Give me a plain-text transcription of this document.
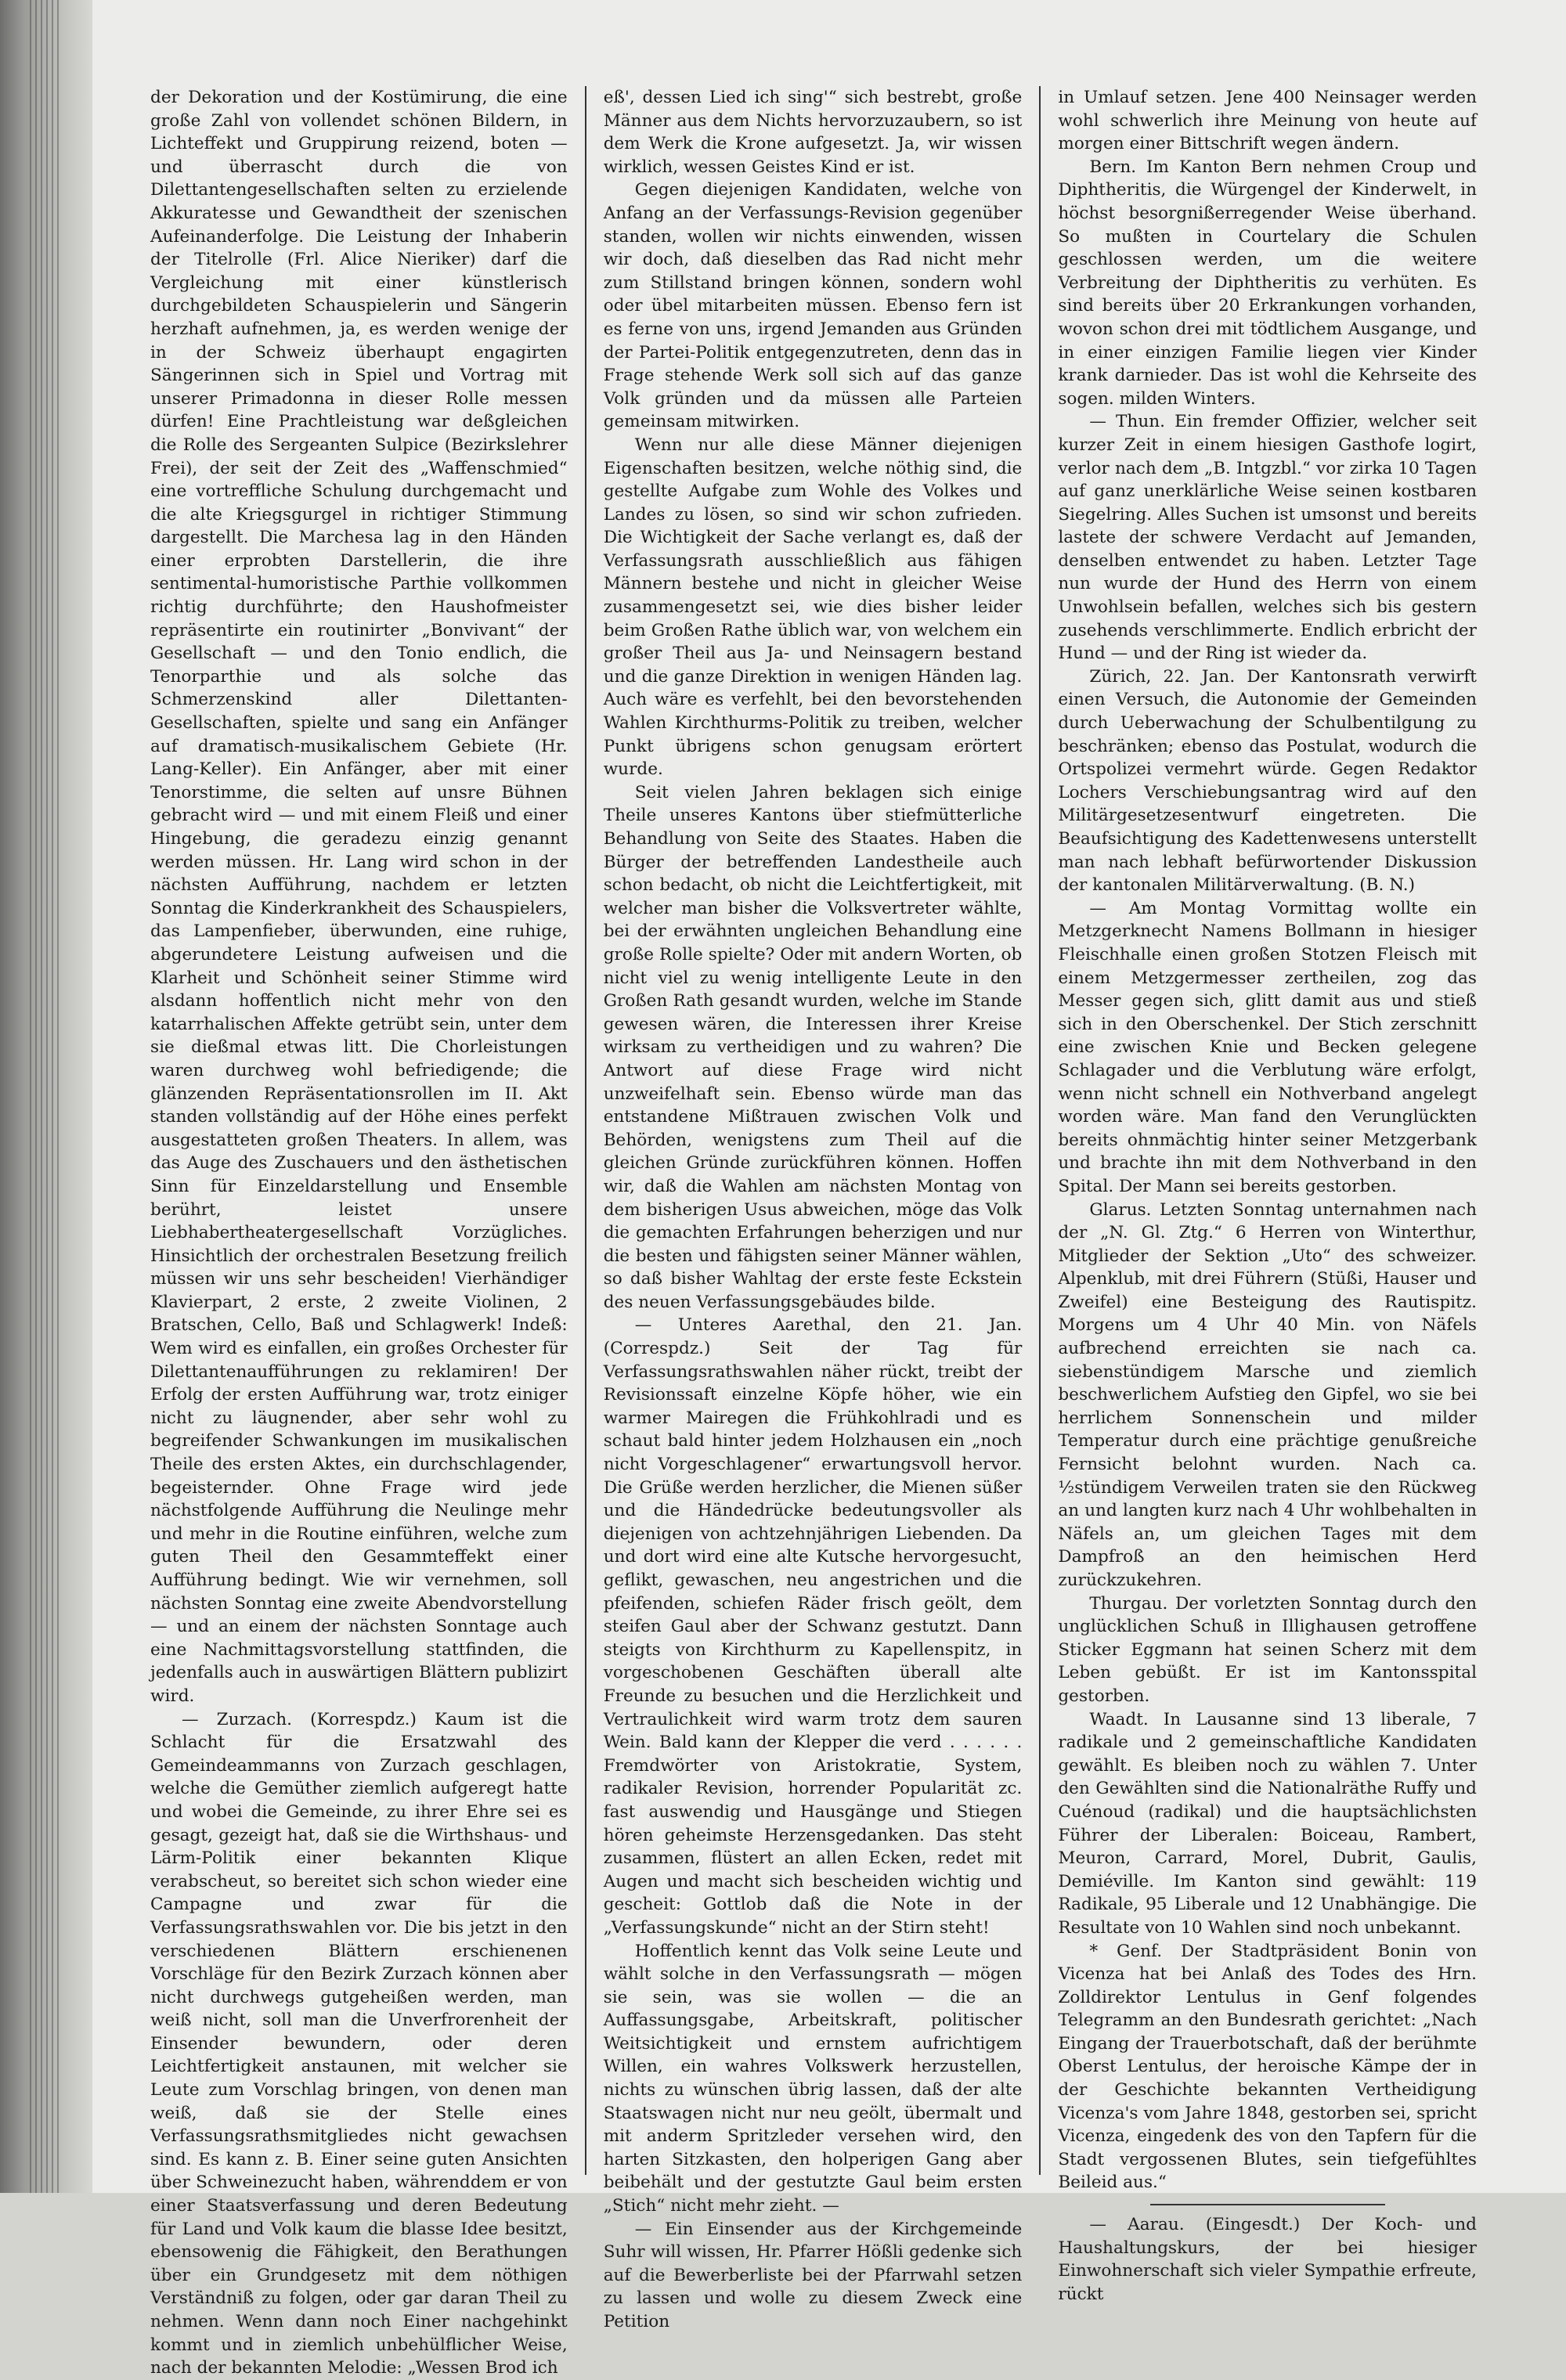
der Dekoration und der Kostümirung, die eine große Zahl von vollendet schönen Bildern, in Lichteffekt und Gruppirung reizend, boten — und überrascht durch die von Dilettantengesellschaften selten zu erzielende Akkuratesse und Gewandtheit der szenischen Aufeinanderfolge. Die Leistung der Inhaberin der Titelrolle (Frl. Alice Nieriker) darf die Vergleichung mit einer künstlerisch durchgebildeten Schauspielerin und Sängerin herzhaft aufnehmen, ja, es werden wenige der in der Schweiz überhaupt engagirten Sängerinnen sich in Spiel und Vortrag mit unserer Primadonna in dieser Rolle messen dürfen! Eine Prachtleistung war deßgleichen die Rolle des Sergeanten Sulpice (Bezirkslehrer Frei), der seit der Zeit des „Waffenschmied“ eine vortreffliche Schulung durchgemacht und die alte Kriegsgurgel in richtiger Stimmung dargestellt. Die Marchesa lag in den Händen einer erprobten Darstellerin, die ihre sentimental-humoristische Parthie vollkommen richtig durchführte; den Haushofmeister repräsentirte ein routinirter „Bonvivant“ der Gesellschaft — und den Tonio endlich, die Tenorparthie und als solche das Schmerzenskind aller Dilettanten-Gesellschaften, spielte und sang ein Anfänger auf dramatisch-musikalischem Gebiete (Hr. Lang-Keller). Ein Anfänger, aber mit einer Tenorstimme, die selten auf unsre Bühnen gebracht wird — und mit einem Fleiß und einer Hingebung, die geradezu einzig genannt werden müssen. Hr. Lang wird schon in der nächsten Aufführung, nachdem er letzten Sonntag die Kinderkrankheit des Schauspielers, das Lampenfieber, überwunden, eine ruhige, abgerundetere Leistung aufweisen und die Klarheit und Schönheit seiner Stimme wird alsdann hoffentlich nicht mehr von den katarrhalischen Affekte getrübt sein, unter dem sie dießmal etwas litt. Die Chorleistungen waren durchweg wohl befriedigende; die glänzenden Repräsentationsrollen im II. Akt standen vollständig auf der Höhe eines perfekt ausgestatteten großen Theaters. In allem, was das Auge des Zuschauers und den ästhetischen Sinn für Einzeldarstellung und Ensemble berührt, leistet unsere Liebhabertheatergesellschaft Vorzügliches. Hinsichtlich der orchestralen Besetzung freilich müssen wir uns sehr bescheiden! Vierhändiger Klavierpart, 2 erste, 2 zweite Violinen, 2 Bratschen, Cello, Baß und Schlagwerk! Indeß: Wem wird es einfallen, ein großes Orchester für Dilettantenaufführungen zu reklamiren! Der Erfolg der ersten Aufführung war, trotz einiger nicht zu läugnender, aber sehr wohl zu begreifender Schwankungen im musikalischen Theile des ersten Aktes, ein durchschlagender, begeisternder. Ohne Frage wird jede nächstfolgende Aufführung die Neulinge mehr und mehr in die Routine einführen, welche zum guten Theil den Gesammteffekt einer Aufführung bedingt. Wie wir vernehmen, soll nächsten Sonntag eine zweite Abendvorstellung — und an einem der nächsten Sonntage auch eine Nachmittagsvorstellung stattfinden, die jedenfalls auch in auswärtigen Blättern publizirt wird.

— Zurzach. (Korrespdz.) Kaum ist die Schlacht für die Ersatzwahl des Gemeindeammanns von Zurzach geschlagen, welche die Gemüther ziemlich aufgeregt hatte und wobei die Gemeinde, zu ihrer Ehre sei es gesagt, gezeigt hat, daß sie die Wirthshaus- und Lärm-Politik einer bekannten Klique verabscheut, so bereitet sich schon wieder eine Campagne und zwar für die Verfassungsrathswahlen vor. Die bis jetzt in den verschiedenen Blättern erschienenen Vorschläge für den Bezirk Zurzach können aber nicht durchwegs gutgeheißen werden, man weiß nicht, soll man die Unverfrorenheit der Einsender bewundern, oder deren Leichtfertigkeit anstaunen, mit welcher sie Leute zum Vorschlag bringen, von denen man weiß, daß sie der Stelle eines Verfassungsrathsmitgliedes nicht gewachsen sind. Es kann z. B. Einer seine guten Ansichten über Schweinezucht haben, währenddem er von einer Staatsverfassung und deren Bedeutung für Land und Volk kaum die blasse Idee besitzt, ebensowenig die Fähigkeit, den Berathungen über ein Grundgesetz mit dem nöthigen Verständniß zu folgen, oder gar daran Theil zu nehmen. Wenn dann noch Einer nachgehinkt kommt und in ziemlich unbehülflicher Weise, nach der bekannten Melodie: „Wessen Brod ich

eß', dessen Lied ich sing'“ sich bestrebt, große Männer aus dem Nichts hervorzuzaubern, so ist dem Werk die Krone aufgesetzt. Ja, wir wissen wirklich, wessen Geistes Kind er ist.

Gegen diejenigen Kandidaten, welche von Anfang an der Verfassungs-Revision gegenüber standen, wollen wir nichts einwenden, wissen wir doch, daß dieselben das Rad nicht mehr zum Stillstand bringen können, sondern wohl oder übel mitarbeiten müssen. Ebenso fern ist es ferne von uns, irgend Jemanden aus Gründen der Partei-Politik entgegenzutreten, denn das in Frage stehende Werk soll sich auf das ganze Volk gründen und da müssen alle Parteien gemeinsam mitwirken.

Wenn nur alle diese Männer diejenigen Eigenschaften besitzen, welche nöthig sind, die gestellte Aufgabe zum Wohle des Volkes und Landes zu lösen, so sind wir schon zufrieden. Die Wichtigkeit der Sache verlangt es, daß der Verfassungsrath ausschließlich aus fähigen Männern bestehe und nicht in gleicher Weise zusammengesetzt sei, wie dies bisher leider beim Großen Rathe üblich war, von welchem ein großer Theil aus Ja- und Neinsagern bestand und die ganze Direktion in wenigen Händen lag. Auch wäre es verfehlt, bei den bevorstehenden Wahlen Kirchthurms-Politik zu treiben, welcher Punkt übrigens schon genugsam erörtert wurde.

Seit vielen Jahren beklagen sich einige Theile unseres Kantons über stiefmütterliche Behandlung von Seite des Staates. Haben die Bürger der betreffenden Landestheile auch schon bedacht, ob nicht die Leichtfertigkeit, mit welcher man bisher die Volksvertreter wählte, bei der erwähnten ungleichen Behandlung eine große Rolle spielte? Oder mit andern Worten, ob nicht viel zu wenig intelligente Leute in den Großen Rath gesandt wurden, welche im Stande gewesen wären, die Interessen ihrer Kreise wirksam zu vertheidigen und zu wahren? Die Antwort auf diese Frage wird nicht unzweifelhaft sein. Ebenso würde man das entstandene Mißtrauen zwischen Volk und Behörden, wenigstens zum Theil auf die gleichen Gründe zurückführen können. Hoffen wir, daß die Wahlen am nächsten Montag von dem bisherigen Usus abweichen, möge das Volk die gemachten Erfahrungen beherzigen und nur die besten und fähigsten seiner Männer wählen, so daß bisher Wahltag der erste feste Eckstein des neuen Verfassungsgebäudes bilde.

— Unteres Aarethal, den 21. Jan. (Correspdz.) Seit der Tag für Verfassungsrathswahlen näher rückt, treibt der Revisionssaft einzelne Köpfe höher, wie ein warmer Mairegen die Frühkohlradi und es schaut bald hinter jedem Holzhausen ein „noch nicht Vorgeschlagener“ erwartungsvoll hervor. Die Grüße werden herzlicher, die Mienen süßer und die Händedrücke bedeutungsvoller als diejenigen von achtzehnjährigen Liebenden. Da und dort wird eine alte Kutsche hervorgesucht, geflikt, gewaschen, neu angestrichen und die pfeifenden, schiefen Räder frisch geölt, dem steifen Gaul aber der Schwanz gestutzt. Dann steigts von Kirchthurm zu Kapellenspitz, in vorgeschobenen Geschäften überall alte Freunde zu besuchen und die Herzlichkeit und Vertraulichkeit wird warm trotz dem sauren Wein. Bald kann der Klepper die verd . . . . . . Fremdwörter von Aristokratie, System, radikaler Revision, horrender Popularität zc. fast auswendig und Hausgänge und Stiegen hören geheimste Herzensgedanken. Das steht zusammen, flüstert an allen Ecken, redet mit Augen und macht sich bescheiden wichtig und gescheit: Gottlob daß die Note in der „Verfassungskunde“ nicht an der Stirn steht!

Hoffentlich kennt das Volk seine Leute und wählt solche in den Verfassungsrath — mögen sie sein, was sie wollen — die an Auffassungsgabe, Arbeitskraft, politischer Weitsichtigkeit und ernstem aufrichtigem Willen, ein wahres Volkswerk herzustellen, nichts zu wünschen übrig lassen, daß der alte Staatswagen nicht nur neu geölt, übermalt und mit anderm Spritzleder versehen wird, den harten Sitzkasten, den holperigen Gang aber beibehält und der gestutzte Gaul beim ersten „Stich“ nicht mehr zieht. —

— Ein Einsender aus der Kirchgemeinde Suhr will wissen, Hr. Pfarrer Hößli gedenke sich auf die Bewerberliste bei der Pfarrwahl setzen zu lassen und wolle zu diesem Zweck eine Petition

in Umlauf setzen. Jene 400 Neinsager werden wohl schwerlich ihre Meinung von heute auf morgen einer Bittschrift wegen ändern.

Bern. Im Kanton Bern nehmen Croup und Diphtheritis, die Würgengel der Kinderwelt, in höchst besorgnißerregender Weise überhand. So mußten in Courtelary die Schulen geschlossen werden, um die weitere Verbreitung der Diphtheritis zu verhüten. Es sind bereits über 20 Erkrankungen vorhanden, wovon schon drei mit tödtlichem Ausgange, und in einer einzigen Familie liegen vier Kinder krank darnieder. Das ist wohl die Kehrseite des sogen. milden Winters.

— Thun. Ein fremder Offizier, welcher seit kurzer Zeit in einem hiesigen Gasthofe logirt, verlor nach dem „B. Intgzbl.“ vor zirka 10 Tagen auf ganz unerklärliche Weise seinen kostbaren Siegelring. Alles Suchen ist umsonst und bereits lastete der schwere Verdacht auf Jemanden, denselben entwendet zu haben. Letzter Tage nun wurde der Hund des Herrn von einem Unwohlsein befallen, welches sich bis gestern zusehends verschlimmerte. Endlich erbricht der Hund — und der Ring ist wieder da.

Zürich, 22. Jan. Der Kantonsrath verwirft einen Versuch, die Autonomie der Gemeinden durch Ueberwachung der Schulbentilgung zu beschränken; ebenso das Postulat, wodurch die Ortspolizei vermehrt würde. Gegen Redaktor Lochers Verschiebungsantrag wird auf den Militärgesetzesentwurf eingetreten. Die Beaufsichtigung des Kadettenwesens unterstellt man nach lebhaft befürwortender Diskussion der kantonalen Militärverwaltung. (B. N.)

— Am Montag Vormittag wollte ein Metzgerknecht Namens Bollmann in hiesiger Fleischhalle einen großen Stotzen Fleisch mit einem Metzgermesser zertheilen, zog das Messer gegen sich, glitt damit aus und stieß sich in den Oberschenkel. Der Stich zerschnitt eine zwischen Knie und Becken gelegene Schlagader und die Verblutung wäre erfolgt, wenn nicht schnell ein Nothverband angelegt worden wäre. Man fand den Verunglückten bereits ohnmächtig hinter seiner Metzgerbank und brachte ihn mit dem Nothverband in den Spital. Der Mann sei bereits gestorben.

Glarus. Letzten Sonntag unternahmen nach der „N. Gl. Ztg.“ 6 Herren von Winterthur, Mitglieder der Sektion „Uto“ des schweizer. Alpenklub, mit drei Führern (Stüßi, Hauser und Zweifel) eine Besteigung des Rautispitz. Morgens um 4 Uhr 40 Min. von Näfels aufbrechend erreichten sie nach ca. siebenstündigem Marsche und ziemlich beschwerlichem Aufstieg den Gipfel, wo sie bei herrlichem Sonnenschein und milder Temperatur durch eine prächtige genußreiche Fernsicht belohnt wurden. Nach ca. ½stündigem Verweilen traten sie den Rückweg an und langten kurz nach 4 Uhr wohlbehalten in Näfels an, um gleichen Tages mit dem Dampfroß an den heimischen Herd zurückzukehren.

Thurgau. Der vorletzten Sonntag durch den unglücklichen Schuß in Illighausen getroffene Sticker Eggmann hat seinen Scherz mit dem Leben gebüßt. Er ist im Kantonsspital gestorben.

Waadt. In Lausanne sind 13 liberale, 7 radikale und 2 gemeinschaftliche Kandidaten gewählt. Es bleiben noch zu wählen 7. Unter den Gewählten sind die Nationalräthe Ruffy und Cuénoud (radikal) und die hauptsächlichsten Führer der Liberalen: Boiceau, Rambert, Meuron, Carrard, Morel, Dubrit, Gaulis, Demiéville. Im Kanton sind gewählt: 119 Radikale, 95 Liberale und 12 Unabhängige. Die Resultate von 10 Wahlen sind noch unbekannt.

* Genf. Der Stadtpräsident Bonin von Vicenza hat bei Anlaß des Todes des Hrn. Zolldirektor Lentulus in Genf folgendes Telegramm an den Bundesrath gerichtet: „Nach Eingang der Trauerbotschaft, daß der berühmte Oberst Lentulus, der heroische Kämpe der in der Geschichte bekannten Vertheidigung Vicenza's vom Jahre 1848, gestorben sei, spricht Vicenza, eingedenk des von den Tapfern für die Stadt vergossenen Blutes, sein tiefgefühltes Beileid aus.“

— Aarau. (Eingesdt.) Der Koch- und Haushaltungskurs, der bei hiesiger Einwohnerschaft sich vieler Sympathie erfreute, rückt
